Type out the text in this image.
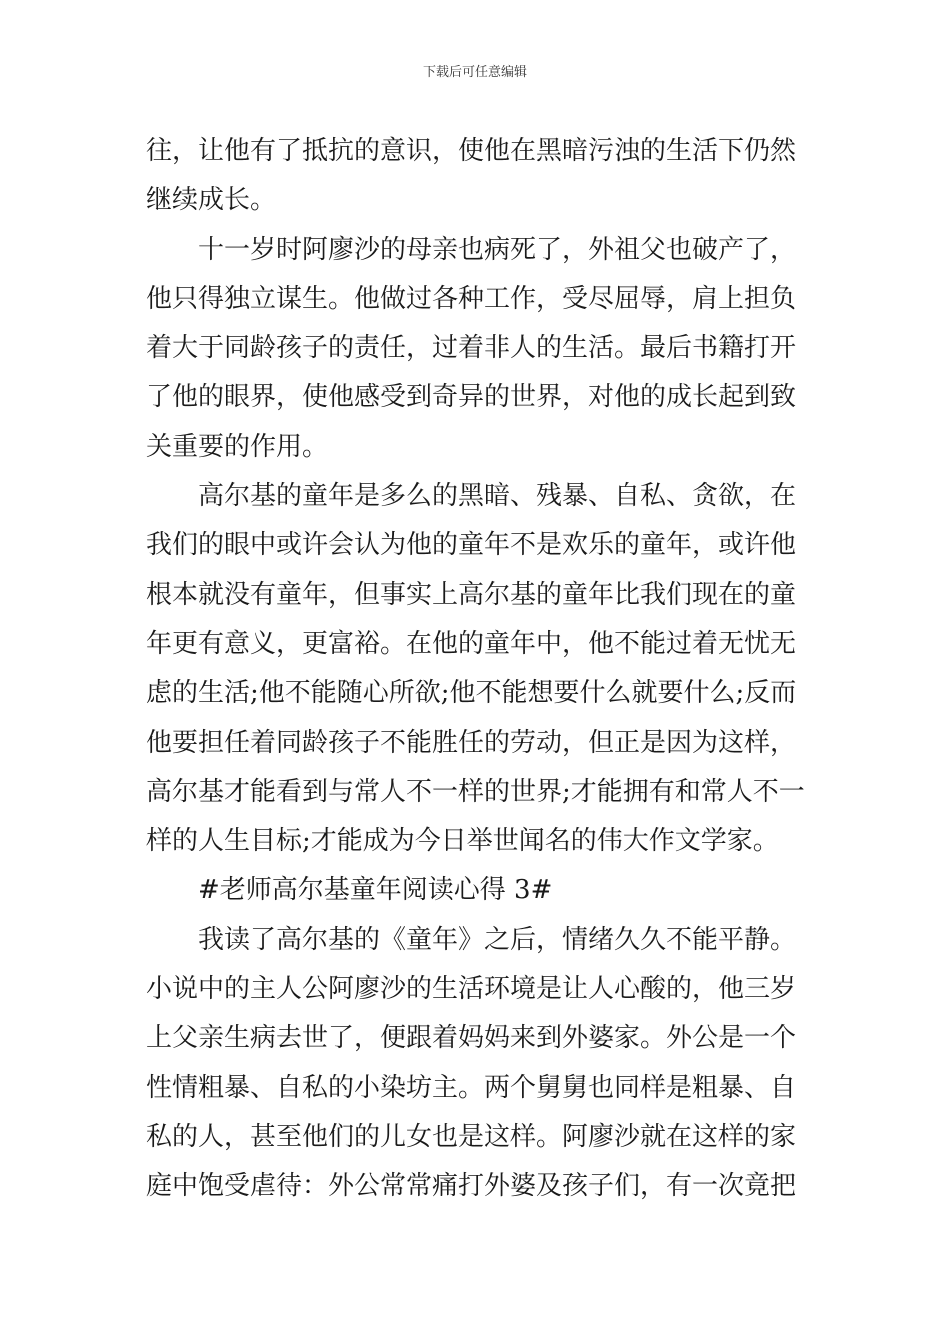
下载后可任意编辑
往，让他有了抵抗的意识，使他在黑暗污浊的生活下仍然
继续成长。
十一岁时阿廖沙的母亲也病死了，外祖父也破产了，
他只得独立谋生。他做过各种工作，受尽屈辱，肩上担负
着大于同龄孩子的责任，过着非人的生活。最后书籍打开
了他的眼界，使他感受到奇异的世界，对他的成长起到致
关重要的作用。
高尔基的童年是多么的黑暗、残暴、自私、贪欲，在
我们的眼中或许会认为他的童年不是欢乐的童年，或许他
根本就没有童年，但事实上高尔基的童年比我们现在的童
年更有意义，更富裕。在他的童年中，他不能过着无忧无
虑的生活;他不能随心所欲;他不能想要什么就要什么;反而
他要担任着同龄孩子不能胜任的劳动，但正是因为这样，
高尔基才能看到与常人不一样的世界;才能拥有和常人不一
样的人生目标;才能成为今日举世闻名的伟大作文学家。
#老师高尔基童年阅读心得 3#
我读了高尔基的《童年》之后，情绪久久不能平静。
小说中的主人公阿廖沙的生活环境是让人心酸的，他三岁
上父亲生病去世了，便跟着妈妈来到外婆家。外公是一个
性情粗暴、自私的小染坊主。两个舅舅也同样是粗暴、自
私的人，甚至他们的儿女也是这样。阿廖沙就在这样的家
庭中饱受虐待：外公常常痛打外婆及孩子们，有一次竟把
